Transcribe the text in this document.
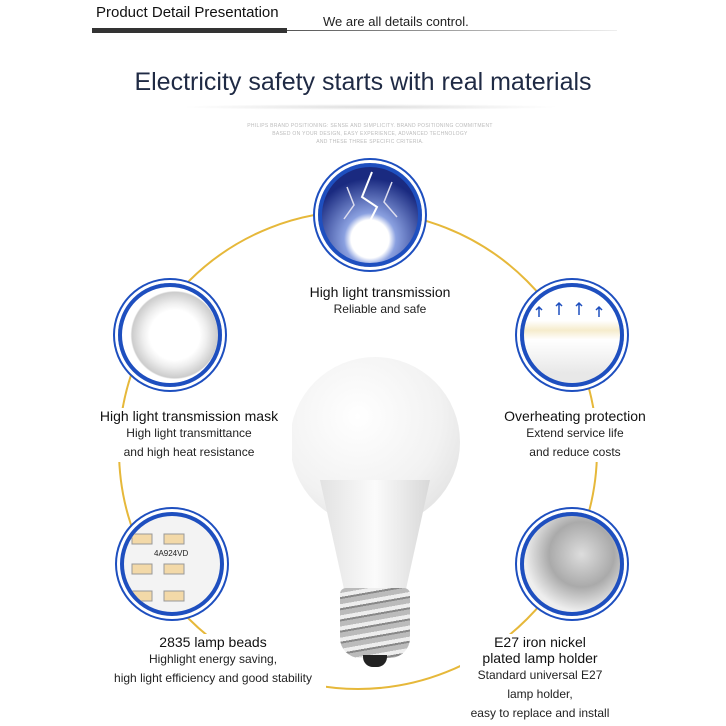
Product Detail Presentation
We are all details control.
Electricity safety starts with real materials
PHILIPS BRAND POSITIONING: SENSE AND SIMPLICITY. BRAND POSITIONING COMMITMENT
BASED ON YOUR DESIGN, EASY EXPERIENCE, ADVANCED TECHNOLOGY
AND THESE THREE SPECIFIC CRITERIA.
4A924VD
High light transmission
Reliable and safe
High light transmission mask
High light transmittance
and high heat resistance
Overheating protection
Extend service life
and reduce costs
2835 lamp beads
Highlight energy saving,
high light efficiency and good stability
E27 iron nickel
plated lamp holder
Standard universal E27
lamp holder,
easy to replace and install
